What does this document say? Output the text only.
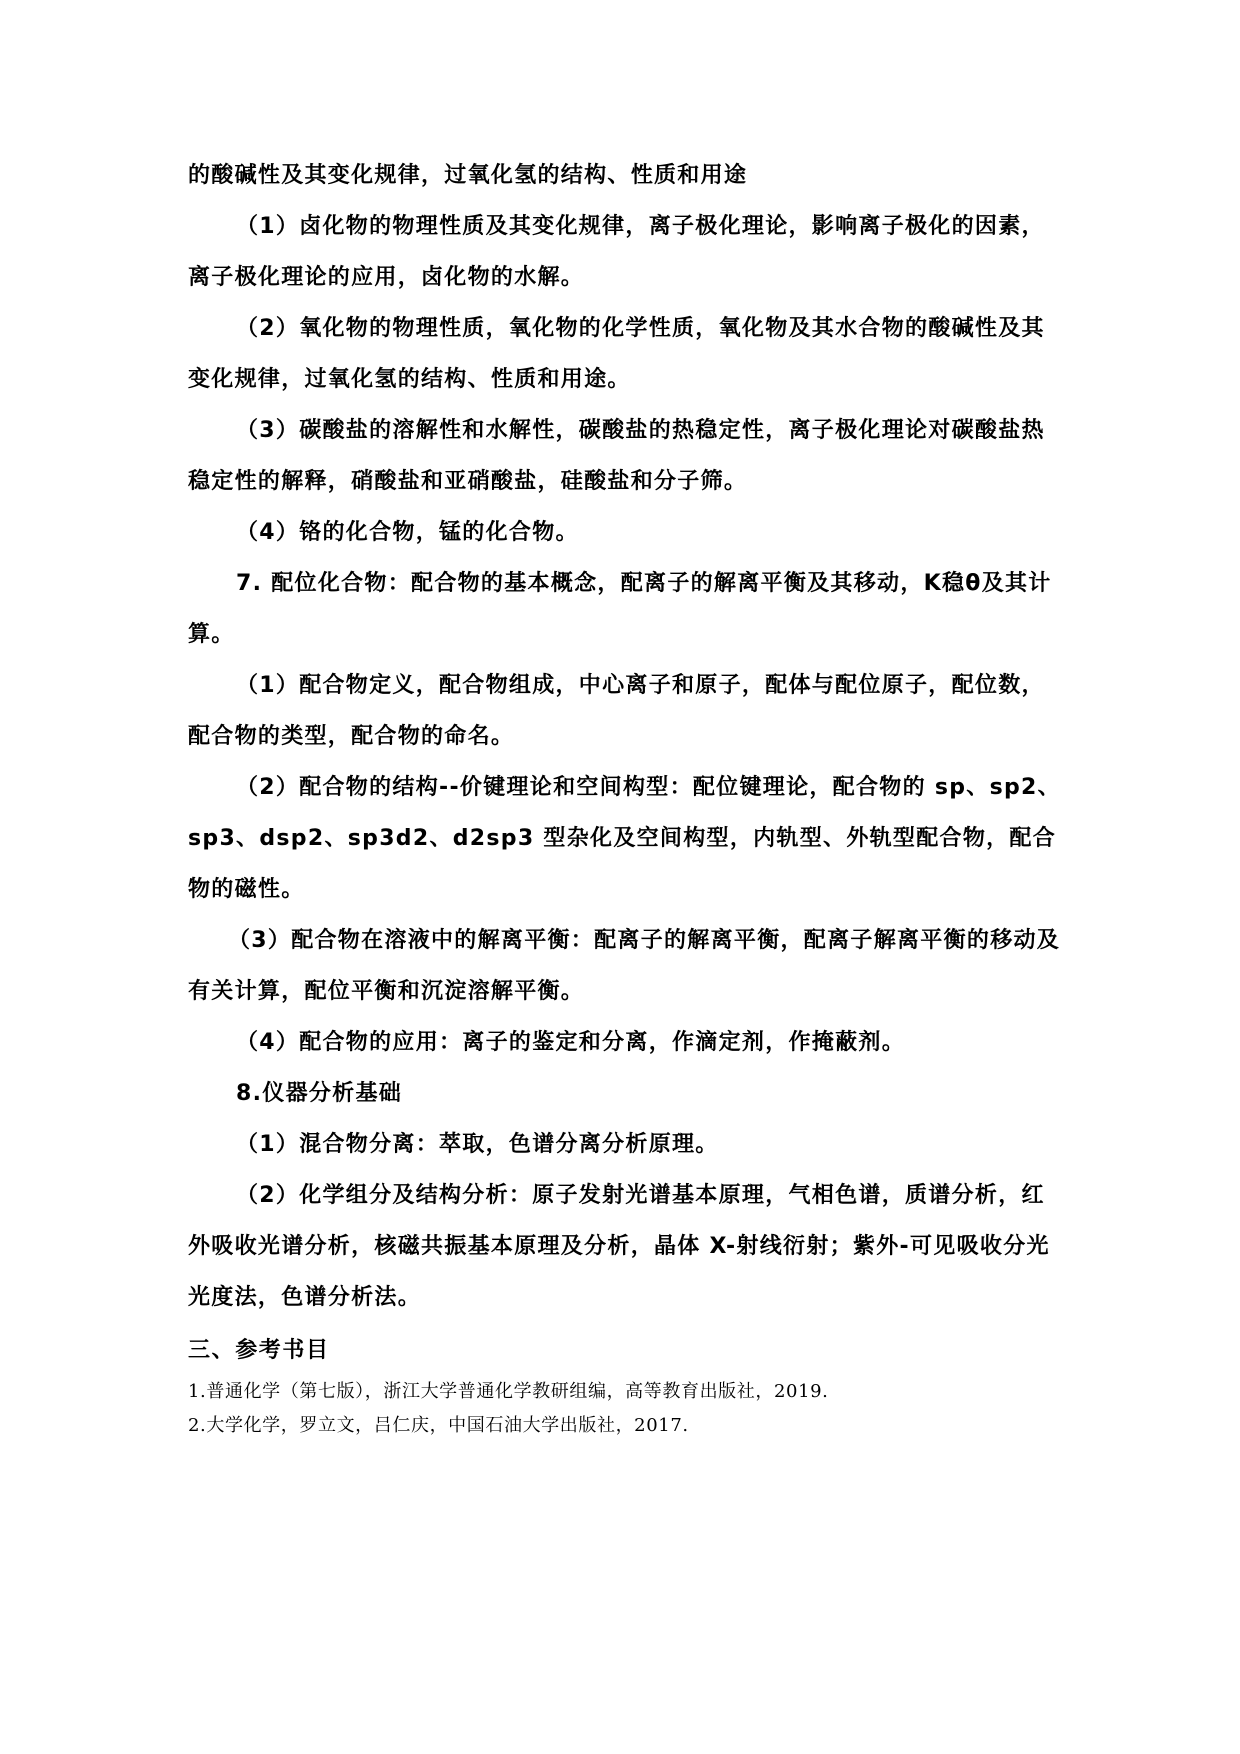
的酸碱性及其变化规律，过氧化氢的结构、性质和用途

（1）卤化物的物理性质及其变化规律，离子极化理论，影响离子极化的因素，离子极化理论的应用，卤化物的水解。

（2）氧化物的物理性质，氧化物的化学性质，氧化物及其水合物的酸碱性及其变化规律，过氧化氢的结构、性质和用途。

（3）碳酸盐的溶解性和水解性，碳酸盐的热稳定性，离子极化理论对碳酸盐热稳定性的解释，硝酸盐和亚硝酸盐，硅酸盐和分子筛。

（4）铬的化合物，锰的化合物。

7. 配位化合物：配合物的基本概念，配离子的解离平衡及其移动，K稳θ及其计算。

（1）配合物定义，配合物组成，中心离子和原子，配体与配位原子，配位数，配合物的类型，配合物的命名。

（2）配合物的结构--价键理论和空间构型：配位键理论，配合物的 sp、sp2、sp3、dsp2、sp3d2、d2sp3 型杂化及空间构型，内轨型、外轨型配合物，配合物的磁性。

（3）配合物在溶液中的解离平衡：配离子的解离平衡，配离子解离平衡的移动及有关计算，配位平衡和沉淀溶解平衡。

（4）配合物的应用：离子的鉴定和分离，作滴定剂，作掩蔽剂。

8.仪器分析基础

（1）混合物分离：萃取，色谱分离分析原理。

（2）化学组分及结构分析：原子发射光谱基本原理，气相色谱，质谱分析，红外吸收光谱分析，核磁共振基本原理及分析，晶体 X-射线衍射；紫外-可见吸收分光光度法，色谱分析法。

三、参考书目

1.普通化学（第七版），浙江大学普通化学教研组编，高等教育出版社，2019.

2.大学化学，罗立文，吕仁庆，中国石油大学出版社，2017.
